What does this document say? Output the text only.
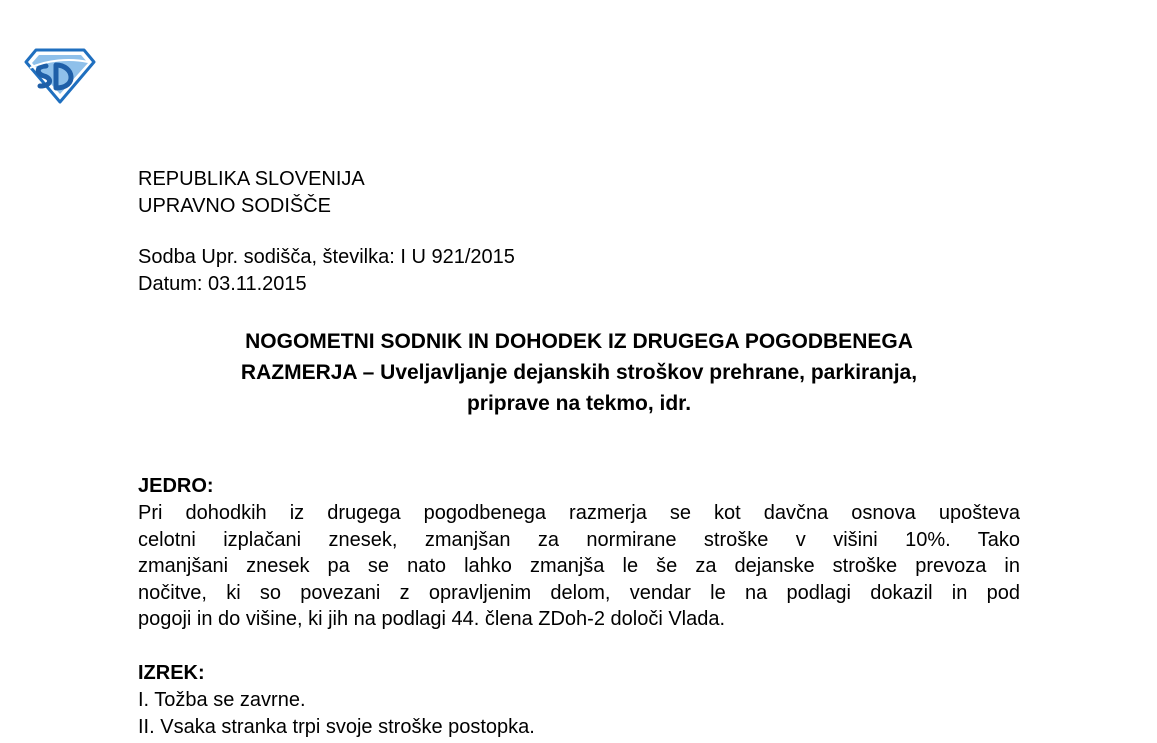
REPUBLIKA SLOVENIJA
UPRAVNO SODIŠČE
Sodba Upr. sodišča, številka: I U 921/2015
Datum: 03.11.2015
NOGOMETNI SODNIK IN DOHODEK IZ DRUGEGA POGODBENEGA
RAZMERJA – Uveljavljanje dejanskih stroškov prehrane, parkiranja,
priprave na tekmo, idr.
JEDRO:
Pri dohodkih iz drugega pogodbenega razmerja se kot davčna osnova upošteva
celotni izplačani znesek, zmanjšan za normirane stroške v višini 10%. Tako
zmanjšani znesek pa se nato lahko zmanjša le še za dejanske stroške prevoza in
nočitve, ki so povezani z opravljenim delom, vendar le na podlagi dokazil in pod
pogoji in do višine, ki jih na podlagi 44. člena ZDoh-2 določi Vlada.
IZREK:
I. Tožba se zavrne.
II. Vsaka stranka trpi svoje stroške postopka.
